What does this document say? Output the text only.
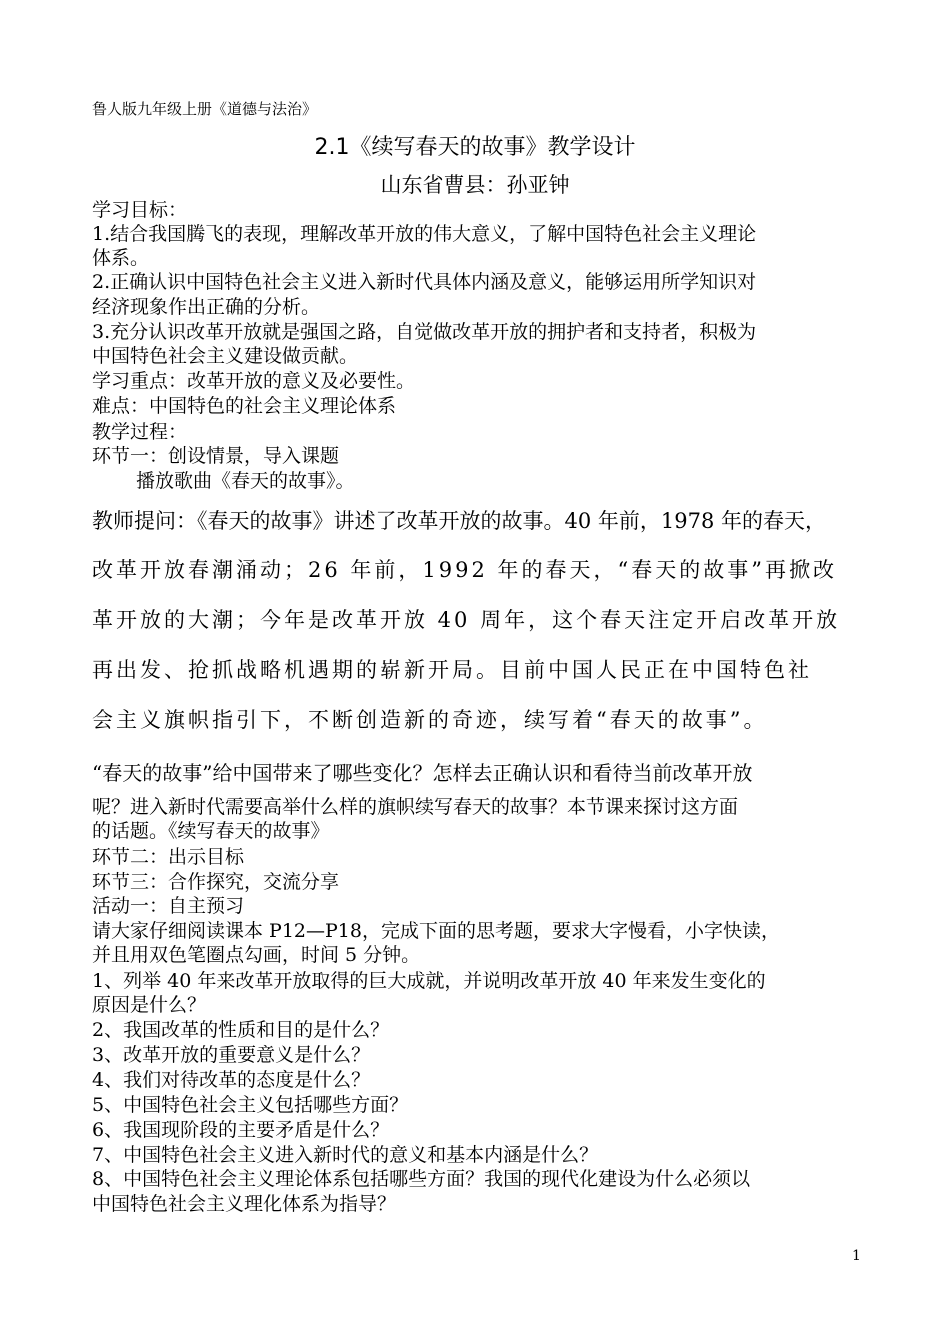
鲁人版九年级上册《道德与法治》
2.1《续写春天的故事》教学设计
山东省曹县：孙亚钟
学习目标：
1.结合我国腾飞的表现，理解改革开放的伟大意义，了解中国特色社会主义理论
体系。
2.正确认识中国特色社会主义进入新时代具体内涵及意义，能够运用所学知识对
经济现象作出正确的分析。
3.充分认识改革开放就是强国之路，自觉做改革开放的拥护者和支持者，积极为
中国特色社会主义建设做贡献。
学习重点：改革开放的意义及必要性。
难点：中国特色的社会主义理论体系
教学过程：
环节一：创设情景，导入课题
播放歌曲《春天的故事》。
教师提问：《春天的故事》讲述了改革开放的故事。40 年前，1978 年的春天，
改革开放春潮涌动；26 年前，1992 年的春天，“春天的故事”再掀改
革开放的大潮；今年是改革开放 40 周年，这个春天注定开启改革开放
再出发、抢抓战略机遇期的崭新开局。目前中国人民正在中国特色社
会主义旗帜指引下，不断创造新的奇迹，续写着“春天的故事”。
“春天的故事”给中国带来了哪些变化？怎样去正确认识和看待当前改革开放
呢？进入新时代需要高举什么样的旗帜续写春天的故事？本节课来探讨这方面
的话题。《续写春天的故事》
环节二：出示目标
环节三：合作探究，交流分享
活动一：自主预习
请大家仔细阅读课本 P12—P18，完成下面的思考题，要求大字慢看，小字快读，
并且用双色笔圈点勾画，时间 5 分钟。
1、列举 40 年来改革开放取得的巨大成就，并说明改革开放 40 年来发生变化的
原因是什么？
2、我国改革的性质和目的是什么？
3、改革开放的重要意义是什么？
4、我们对待改革的态度是什么？
5、中国特色社会主义包括哪些方面？
6、我国现阶段的主要矛盾是什么？
7、中国特色社会主义进入新时代的意义和基本内涵是什么？
8、中国特色社会主义理论体系包括哪些方面？我国的现代化建设为什么必须以
中国特色社会主义理化体系为指导？
1
